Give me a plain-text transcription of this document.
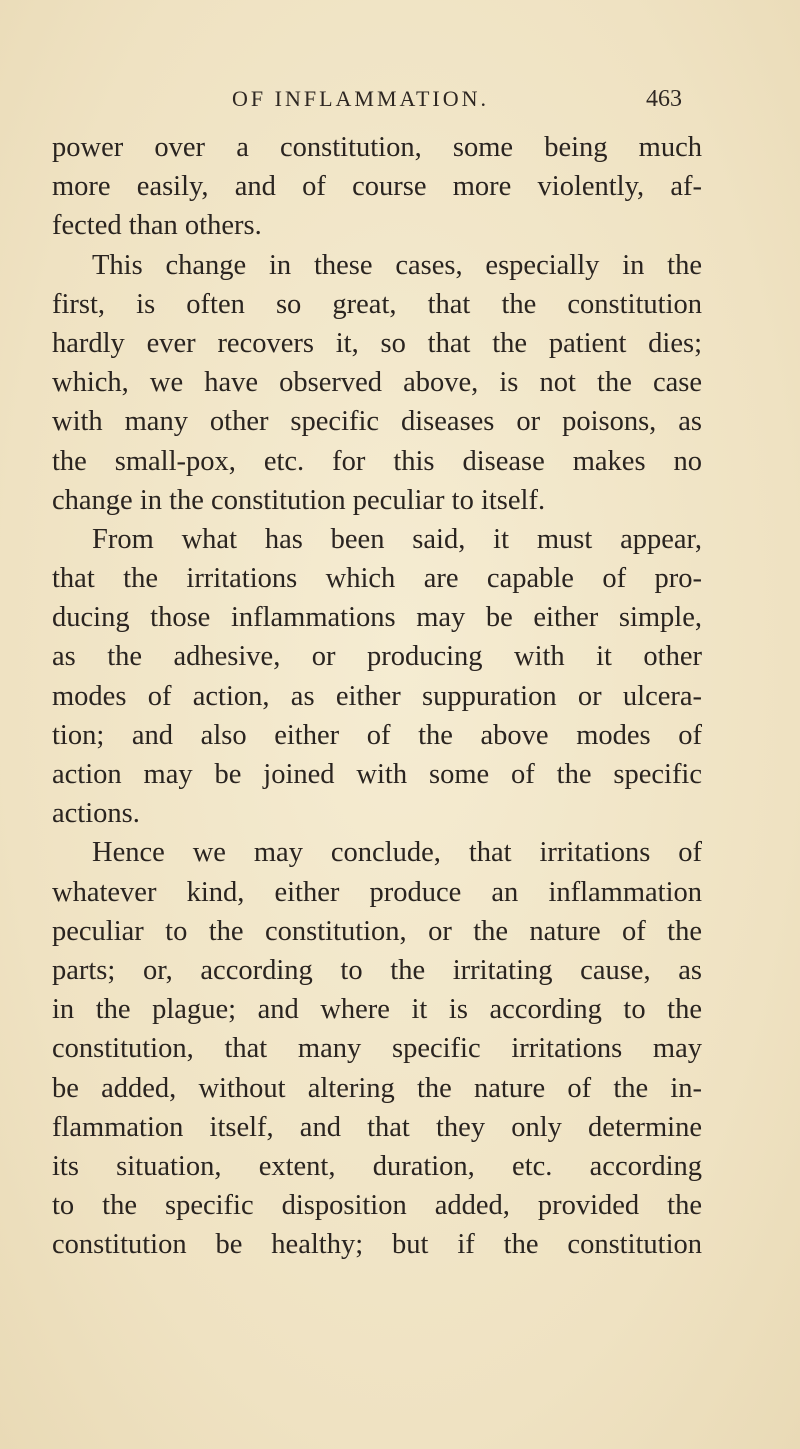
OF INFLAMMATION.	463
power over a constitution, some being much
more easily, and of course more violently, af-
fected than others.
This change in these cases, especially in the
first, is often so great, that the constitution
hardly ever recovers it, so that the patient dies;
which, we have observed above, is not the case
with many other specific diseases or poisons, as
the small-pox, etc. for this disease makes no
change in the constitution peculiar to itself.
From what has been said, it must appear,
that the irritations which are capable of pro-
ducing those inflammations may be either simple,
as the adhesive, or producing with it other
modes of action, as either suppuration or ulcera-
tion; and also either of the above modes of
action may be joined with some of the specific
actions.
Hence we may conclude, that irritations of
whatever kind, either produce an inflammation
peculiar to the constitution, or the nature of the
parts; or, according to the irritating cause, as
in the plague; and where it is according to the
constitution, that many specific irritations may
be added, without altering the nature of the in-
flammation itself, and that they only determine
its situation, extent, duration, etc. according
to the specific disposition added, provided the
constitution be healthy; but if the constitution
